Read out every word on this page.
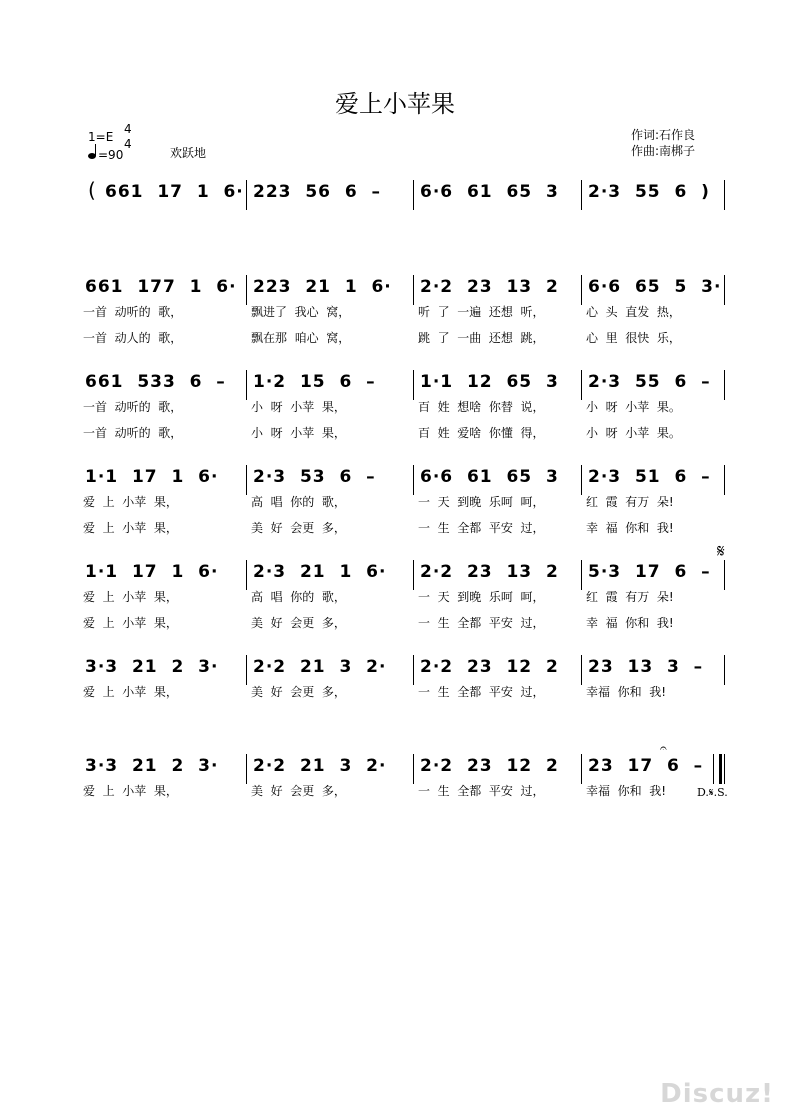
爱上小苹果
1=E
4
4
=90	欢跃地
作词:石作良
作曲:南梆子
661  17  1  6· 223  56  6  – 6·6  61  65  3 2·3  55  6  )
661  177  1  6· 223  21  1  6· 2·2  23  13  2 6·6  65  5  3·
661  533  6  – 1·2  15  6  –	1·1  12  65  3 2·3  55  6  –
1·1  17  1  6· 2·3  53  6  –	6·6  61  65  3 2·3  51  6  –
1·1  17  1  6· 2·3  21  1  6· 2·2  23  13  2 5·3  17  6  –
3·3  21  2  3· 2·2  21  3  2· 2·2  23  12  2 23  13  3  –
3·3  21  2  3· 2·2  21  3  2· 2·2  23  12  2 23  17  6  –
(
一首  动听的  歌，	飘进了  我心  窝，	听  了  一遍  还想  听，	心  头  直发  热，
一首  动人的  歌，	飘在那  咱心  窝，	跳  了  一曲  还想  跳，	心  里  很快  乐，
一首  动听的  歌，	小  呀  小苹  果，	百  姓  想啥  你替  说，	小  呀  小苹  果。
一首  动听的  歌，	小  呀  小苹  果，	百  姓  爱啥  你懂  得，	小  呀  小苹  果。
爱  上  小苹  果，	高  唱  你的  歌，	一  天  到晚  乐呵  呵，	红  霞  有万  朵!
爱  上  小苹  果，	美  好  会更  多，	一  生  全都  平安  过，	幸  福  你和  我!
爱  上  小苹  果，	高  唱  你的  歌，	一  天  到晚  乐呵  呵，	红  霞  有万  朵!
爱  上  小苹  果，	美  好  会更  多，	一  生  全都  平安  过，	幸  福  你和  我!
爱  上  小苹  果，	美  好  会更  多，	一  生  全都  平安  过，	幸福  你和  我!
爱  上  小苹  果，	美  好  会更  多，	一  生  全都  平安  过，	幸福  你和  我!
𝄋
𝄐
D.𝄋.S.
Discuz!
